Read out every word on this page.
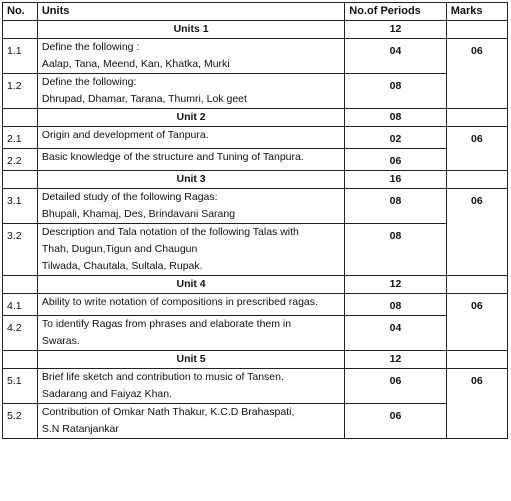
No.	Units	No.of Periods	Marks
	Units 1	12	
1.1	Define the following :
Aalap, Tana, Meend, Kan, Khatka, Murki	04	06
1.2	Define the following:
Dhrupad, Dhamar, Tarana, Thumri, Lok geet	08	
	Unit 2	08	
2.1	Origin and development of Tanpura.	02	06
2.2	Basic knowledge of the structure and Tuning of Tanpura.	06	
	Unit 3	16	
3.1	Detailed study of the following Ragas:
Bhupali, Khamaj, Des, Brindavani Sarang	08	06
3.2	Description and Tala notation of the following Talas with
Thah, Dugun,Tigun and Chaugun
Tilwada, Chautala, Sultala, Rupak.	08	
	Unit 4	12	
4.1	Ability to write notation of compositions in prescribed ragas.	08	06
4.2	To identify Ragas from phrases and elaborate them in
Swaras.	04	
	Unit 5	12	
5.1	Brief life sketch and contribution to music of Tansen.
Sadarang and Faiyaz Khan.	06	06
5.2	Contribution of Omkar Nath Thakur, K.C.D Brahaspati,
S.N Ratanjankar	06	
